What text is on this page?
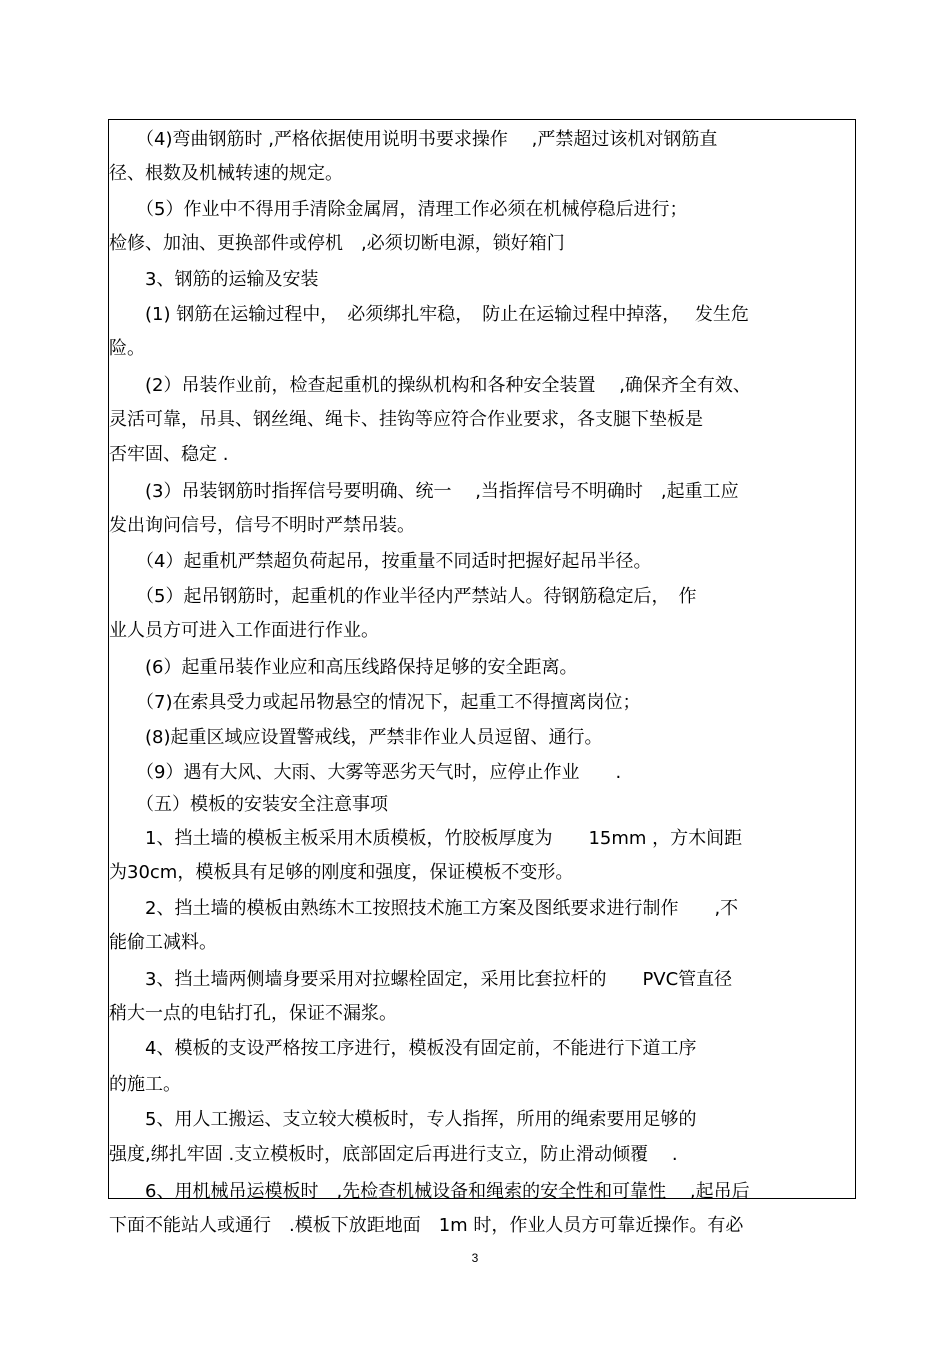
　　（4)弯曲钢筋时 ,严格依据使用说明书要求操作　 ,严禁超过该机对钢筋直
径、根数及机械转速的规定。
　　（5）作业中不得用手清除金属屑，清理工作必须在机械停稳后进行；
检修、加油、更换部件或停机　,必须切断电源，锁好箱门
　　3、钢筋的运输及安装
　　(1) 钢筋在运输过程中，　必须绑扎牢稳，　防止在运输过程中掉落，　 发生危
险。
　　(2）吊装作业前，检查起重机的操纵机构和各种安全装置　 ,确保齐全有效、
灵活可靠，吊具、钢丝绳、绳卡、挂钩等应符合作业要求，各支腿下垫板是
否牢固、稳定 .
　　(3）吊装钢筋时指挥信号要明确、统一　 ,当指挥信号不明确时　,起重工应
发出询问信号，信号不明时严禁吊装。
　　（4）起重机严禁超负荷起吊，按重量不同适时把握好起吊半径。
　　（5）起吊钢筋时，起重机的作业半径内严禁站人。待钢筋稳定后，　作
业人员方可进入工作面进行作业。
　　(6）起重吊装作业应和高压线路保持足够的安全距离。
　　（7)在索具受力或起吊物悬空的情况下，起重工不得擅离岗位；
　　(8)起重区域应设置警戒线，严禁非作业人员逗留、通行。
　　（9）遇有大风、大雨、大雾等恶劣天气时，应停止作业　　.
　　（五）模板的安装安全注意事项
　　1、挡土墙的模板主板采用木质模板，竹胶板厚度为　　15mm ，方木间距
为30cm，模板具有足够的刚度和强度，保证模板不变形。
　　2、挡土墙的模板由熟练木工按照技术施工方案及图纸要求进行制作　　,不
能偷工减料。
　　3、挡土墙两侧墙身要采用对拉螺栓固定，采用比套拉杆的　　PVC管直径
稍大一点的电钻打孔，保证不漏浆。
　　4、模板的支设严格按工序进行，模板没有固定前，不能进行下道工序
的施工。
　　5、用人工搬运、支立较大模板时，专人指挥，所用的绳索要用足够的
强度,绑扎牢固 .支立模板时，底部固定后再进行支立，防止滑动倾覆　 .
　　6、用机械吊运模板时　,先检查机械设备和绳索的安全性和可靠性　 ,起吊后
下面不能站人或通行　.模板下放距地面　1m 时，作业人员方可靠近操作。有必
3
